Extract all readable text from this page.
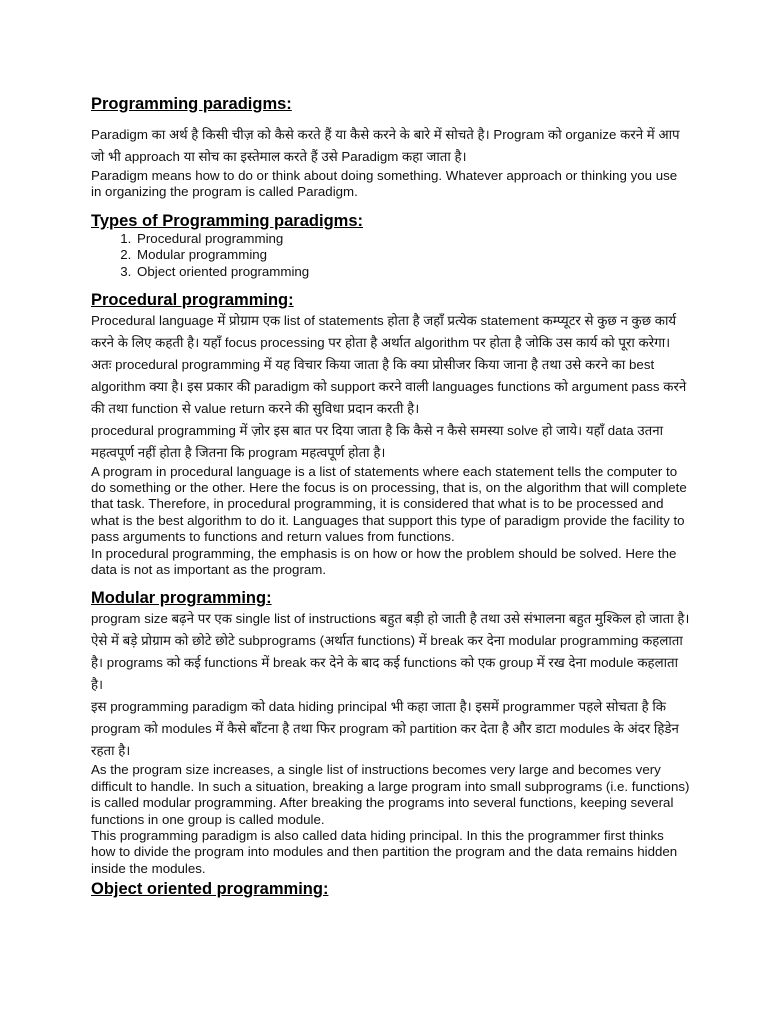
Programming paradigms:

Paradigm का अर्थ है किसी चीज़ को कैसे करते हैं या कैसे करने के बारे में सोचते है। Program को organize करने में आप जो भी approach या सोच का इस्तेमाल करते हैं उसे Paradigm कहा जाता है।

Paradigm means how to do or think about doing something. Whatever approach or thinking you use in organizing the program is called Paradigm.

Types of Programming paradigms:
1. Procedural programming
2. Modular programming
3. Object oriented programming
Procedural programming:

Procedural language में प्रोग्राम एक list of statements होता है जहाँ प्रत्येक statement कम्प्यूटर से कुछ न कुछ कार्य करने के लिए कहती है। यहाँ focus processing पर होता है अर्थात algorithm पर होता है जोकि उस कार्य को पूरा करेगा। अतः procedural programming में यह विचार किया जाता है कि क्या प्रोसीजर किया जाना है तथा उसे करने का best algorithm क्या है। इस प्रकार की paradigm को support करने वाली languages functions को argument pass करने की तथा function से value return करने की सुविधा प्रदान करती है।

procedural programming में ज़ोर इस बात पर दिया जाता है कि कैसे न कैसे समस्या solve हो जाये। यहाँ data उतना महत्वपूर्ण नहीं होता है जितना कि program महत्वपूर्ण होता है।

A program in procedural language is a list of statements where each statement tells the computer to do something or the other. Here the focus is on processing, that is, on the algorithm that will complete that task. Therefore, in procedural programming, it is considered that what is to be processed and what is the best algorithm to do it. Languages that support this type of paradigm provide the facility to pass arguments to functions and return values from functions.

In procedural programming, the emphasis is on how or how the problem should be solved. Here the data is not as important as the program.

Modular programming:

program size बढ़ने पर एक single list of instructions बहुत बड़ी हो जाती है तथा उसे संभालना बहुत मुश्किल हो जाता है। ऐसे में बड़े प्रोग्राम को छोटे छोटे subprograms (अर्थात functions) में break कर देना modular programming कहलाता है। programs को कई functions में break कर देने के बाद कई functions को एक group में रख देना module कहलाता है।

इस programming paradigm को data hiding principal भी कहा जाता है। इसमें programmer पहले सोचता है कि program को modules में कैसे बाँटना है तथा फिर program को partition कर देता है और डाटा modules के अंदर हिडेन रहता है।

As the program size increases, a single list of instructions becomes very large and becomes very difficult to handle. In such a situation, breaking a large program into small subprograms (i.e. functions) is called modular programming. After breaking the programs into several functions, keeping several functions in one group is called module.

This programming paradigm is also called data hiding principal. In this the programmer first thinks how to divide the program into modules and then partition the program and the data remains hidden inside the modules.

Object oriented programming:
